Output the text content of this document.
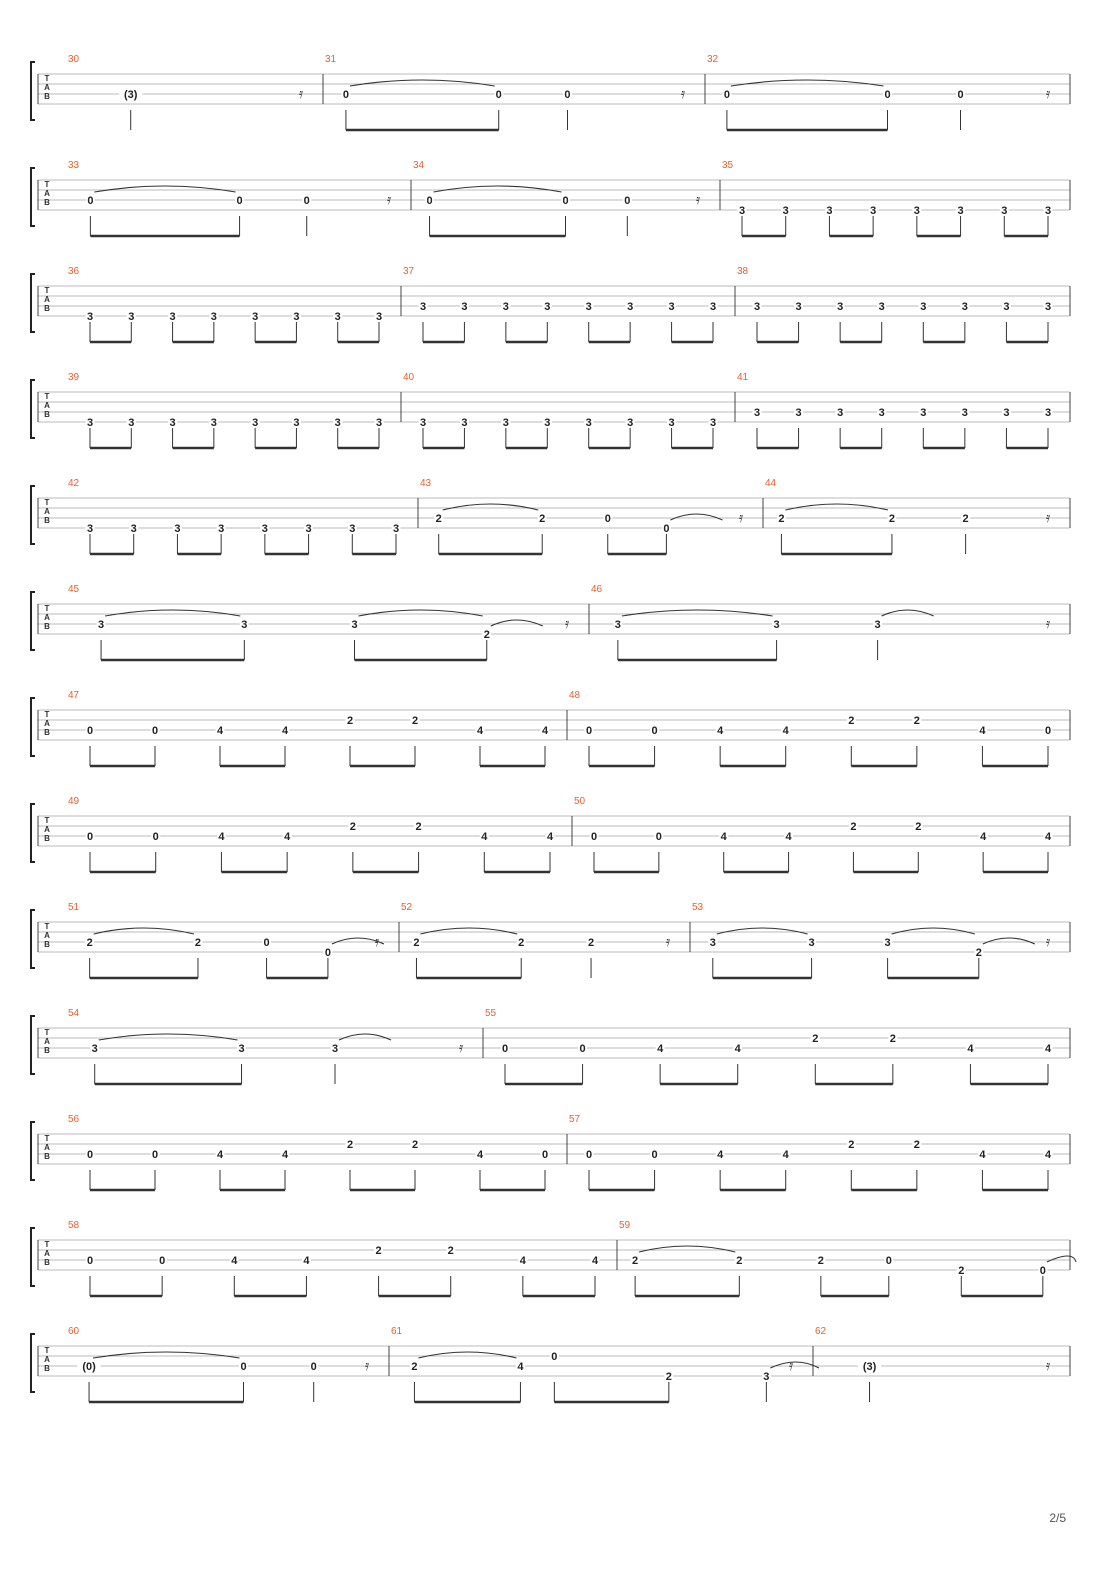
T
A
B
30
(3)	𝄿
31
0	0	0	𝄿
32
0	0	0	𝄿
T
A
B
33
0	0	0	𝄿
34
0	0	0	𝄿
35
3	3	3	3	3	3	3	3
T
A
B
36
3	3	3	3	3	3	3	3
37
3	3	3	3	3	3	3	3
38
3	3	3	3	3	3	3	3
T
A
B
39
3	3	3	3	3	3	3	3
40
3	3	3	3	3	3	3	3
41
3	3	3	3	3	3	3	3
T
A
B
42
3	3	3	3	3	3	3	3
43
2	2	0
0
𝄿
44
2	2	2	𝄿
T
A
B
45
3	3	3
2
𝄿
46
3	3	3	𝄿
T
A
B
47
0	0	4	4
2	2
4	4
48
0	0	4	4
2	2
4	0
T
A
B
49
0	0	4	4
2	2
4	4
50
0	0	4	4
2	2
4	4
T
A
B
51
2	2	0
0
𝄿
52
2	2	2	𝄿
53
3	3	3
2
𝄿
T
A
B
54
3	3	3	𝄿
55
0	0	4	4
2	2
4	4
T
A
B
56
0	0	4	4
2	2
4	0
57
0	0	4	4
2	2
4	4
T
A
B
58
0	0	4	4
2	2
4	4
59
2	2	2	0
2	0
T
A
B
60
(0)	0	0	𝄿
61
2	4
0
2	3
𝄿
62
(3)	𝄿
2/5
